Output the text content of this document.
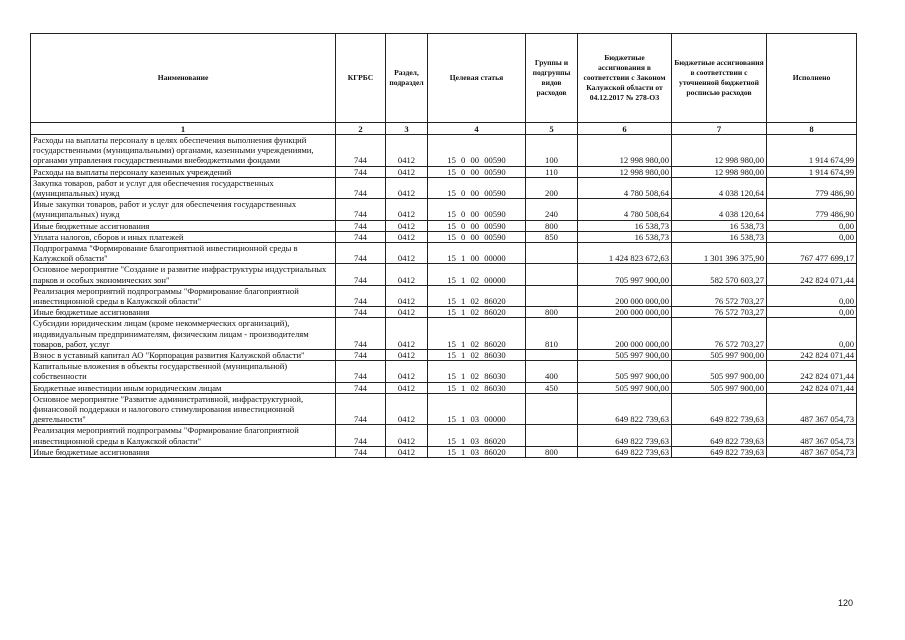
Наименование	КГРБС	Раздел, подраздел	Целевая статья	Группы и подгруппы видов расходов	Бюджетные ассигнования в соответствии с Законом Калужской области от 04.12.2017 № 278-ОЗ	Бюджетные ассигнования в соответствии с уточненной бюджетной росписью расходов	Исполнено
1	2	3	4	5	6	7	8
Расходы на выплаты персоналу в целях обеспечения выполнения функций государственными (муниципальными) органами, казенными учреждениями, органами управления государственными внебюджетными фондами	744	0412	15 0 00 00590	100	12 998 980,00	12 998 980,00	1 914 674,99
Расходы на выплаты персоналу казенных учреждений	744	0412	15 0 00 00590	110	12 998 980,00	12 998 980,00	1 914 674,99
Закупка товаров, работ и услуг для обеспечения государственных (муниципальных) нужд	744	0412	15 0 00 00590	200	4 780 508,64	4 038 120,64	779 486,90
Иные закупки товаров, работ и услуг для обеспечения государственных (муниципальных) нужд	744	0412	15 0 00 00590	240	4 780 508,64	4 038 120,64	779 486,90
Иные бюджетные ассигнования	744	0412	15 0 00 00590	800	16 538,73	16 538,73	0,00
Уплата налогов, сборов и иных платежей	744	0412	15 0 00 00590	850	16 538,73	16 538,73	0,00
Подпрограмма "Формирование благоприятной инвестиционной среды в Калужской области"	744	0412	15 1 00 00000		1 424 823 672,63	1 301 396 375,90	767 477 699,17
Основное мероприятие "Создание и развитие инфраструктуры индустриальных парков и особых экономических зон"	744	0412	15 1 02 00000		705 997 900,00	582 570 603,27	242 824 071,44
Реализация мероприятий подпрограммы "Формирование благоприятной инвестиционной среды в Калужской области"	744	0412	15 1 02 86020		200 000 000,00	76 572 703,27	0,00
Иные бюджетные ассигнования	744	0412	15 1 02 86020	800	200 000 000,00	76 572 703,27	0,00
Субсидии юридическим лицам (кроме некоммерческих организаций), индивидуальным предпринимателям, физическим лицам - производителям товаров, работ, услуг	744	0412	15 1 02 86020	810	200 000 000,00	76 572 703,27	0,00
Взнос в уставный капитал АО "Корпорация развития Калужской области"	744	0412	15 1 02 86030		505 997 900,00	505 997 900,00	242 824 071,44
Капитальные вложения в объекты государственной (муниципальной) собственности	744	0412	15 1 02 86030	400	505 997 900,00	505 997 900,00	242 824 071,44
Бюджетные инвестиции иным юридическим лицам	744	0412	15 1 02 86030	450	505 997 900,00	505 997 900,00	242 824 071,44
Основное мероприятие "Развитие административной, инфраструктурной, финансовой поддержки и налогового стимулирования инвестиционной деятельности"	744	0412	15 1 03 00000		649 822 739,63	649 822 739,63	487 367 054,73
Реализация мероприятий подпрограммы "Формирование благоприятной инвестиционной среды в Калужской области"	744	0412	15 1 03 86020		649 822 739,63	649 822 739,63	487 367 054,73
Иные бюджетные ассигнования	744	0412	15 1 03 86020	800	649 822 739,63	649 822 739,63	487 367 054,73
120
